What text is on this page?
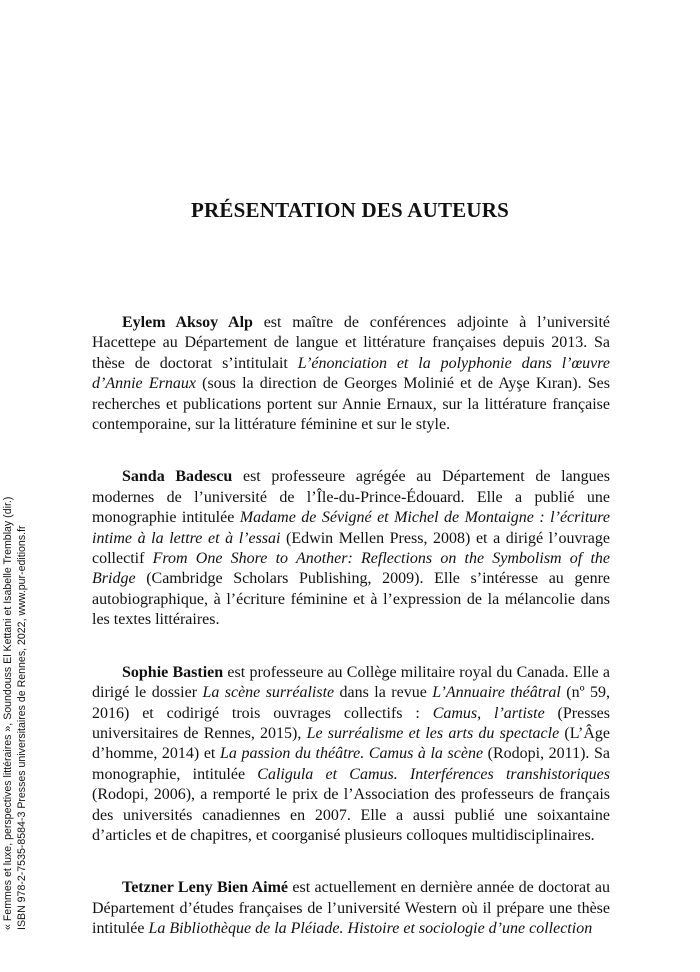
PRÉSENTATION DES AUTEURS

Eylem Aksoy Alp est maître de conférences adjointe à l’université Hacettepe au Département de langue et littérature françaises depuis 2013. Sa thèse de doctorat s’intitulait L’énonciation et la polyphonie dans l’œuvre d’Annie Ernaux (sous la direction de Georges Molinié et de Ayşe Kıran). Ses recherches et publications portent sur Annie Ernaux, sur la littérature française contemporaine, sur la littérature féminine et sur le style.

Sanda Badescu est professeure agrégée au Département de langues modernes de l’université de l’Île-du-Prince-Édouard. Elle a publié une monographie intitulée Madame de Sévigné et Michel de Montaigne : l’écriture intime à la lettre et à l’essai (Edwin Mellen Press, 2008) et a dirigé l’ouvrage collectif From One Shore to Another: Reflections on the Symbolism of the Bridge (Cambridge Scholars Publishing, 2009). Elle s’intéresse au genre autobiographique, à l’écriture féminine et à l’expression de la mélancolie dans les textes littéraires.

Sophie Bastien est professeure au Collège militaire royal du Canada. Elle a dirigé le dossier La scène surréaliste dans la revue L’Annuaire théâtral (nº 59, 2016) et codirigé trois ouvrages collectifs : Camus, l’artiste (Presses universitaires de Rennes, 2015), Le surréalisme et les arts du spectacle (L’Âge d’homme, 2014) et La passion du théâtre. Camus à la scène (Rodopi, 2011). Sa monographie, intitulée Caligula et Camus. Interférences transhistoriques (Rodopi, 2006), a remporté le prix de l’Association des professeurs de français des universités canadiennes en 2007. Elle a aussi publié une soixantaine d’articles et de chapitres, et coorganisé plusieurs colloques multidisciplinaires.

Tetzner Leny Bien Aimé est actuellement en dernière année de doctorat au Département d’études françaises de l’université Western où il prépare une thèse intitulée La Bibliothèque de la Pléiade. Histoire et sociologie d’une collection

« Femmes et luxe, perspectives littéraires », Soundouss El Kettani et Isabelle Tremblay (dir.) ISBN 978-2-7535-8584-3 Presses universitaires de Rennes, 2022, www.pur-editions.fr
